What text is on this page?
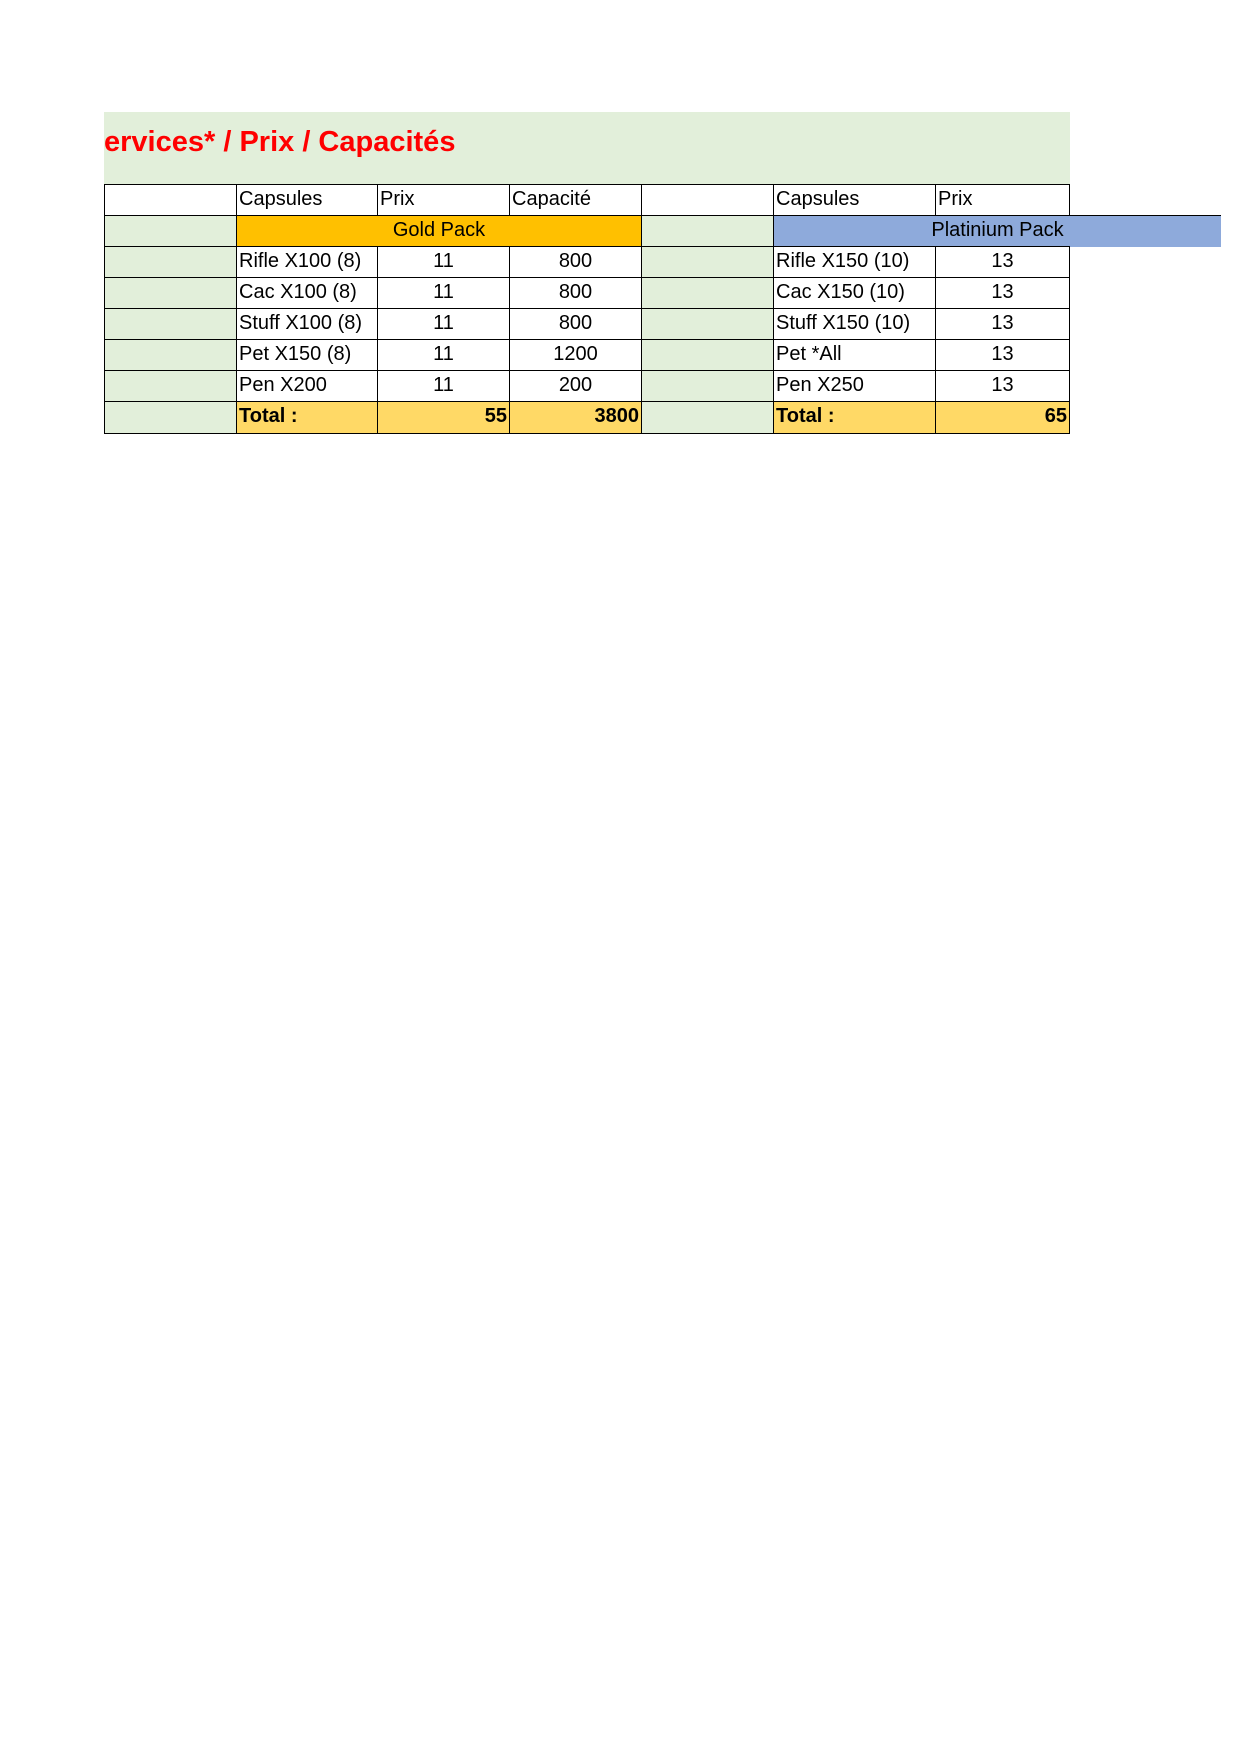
ervices* / Prix / Capacités
Capsules	Prix	Capacité	Capsules	Prix
Gold Pack	Platinium Pack
Rifle X100 (8)	11	800	Rifle X150 (10)	13
Cac X100 (8)	11	800	Cac X150 (10)	13
Stuff X100 (8)	11	800	Stuff X150 (10)	13
Pet X150 (8)	11	1200	Pet *All	13
Pen X200	11	200	Pen X250	13
Total :	55	3800	Total :	65
